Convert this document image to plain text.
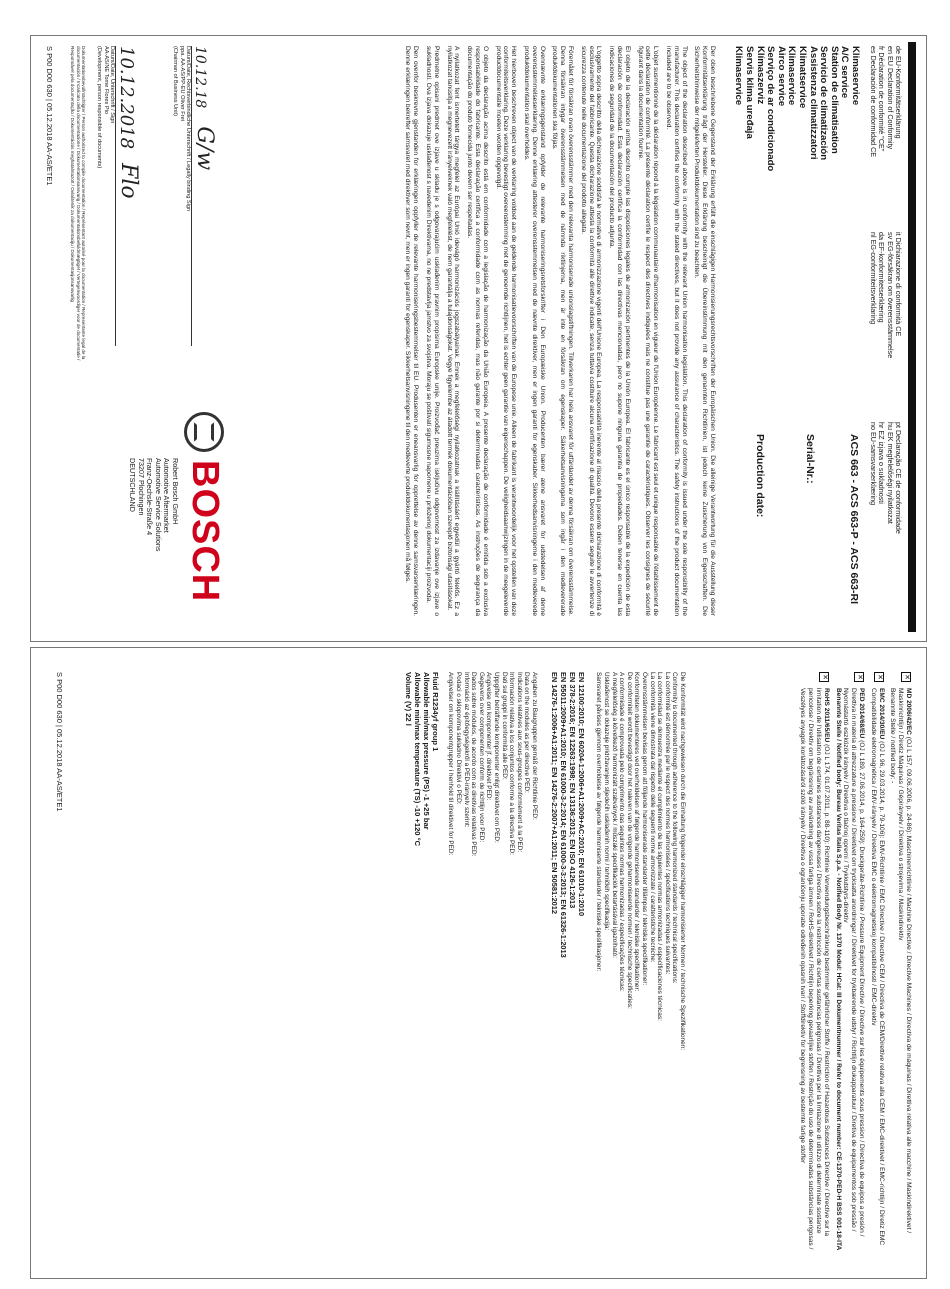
de EU-Konformitätserklärung
en EU Declaration of Conformity
fr Déclaration de conformité "CE"
es Declaración de conformidad CE
it Dichiarazione di conformità CE
sv EG-försäkran om överensstämmelse
da EF-konformitetserklæring
nl EG-conformiteitsverklaring
pt Declaração CE de conformidade
hu EK megfelelőségi nyilatkozat
hr EZ izjava o sukladnosti
no EU-samsvarserklæring
Klimaservice
A/C service
Station de climatisation
Servicio de climatización
Assistenza climatizzatori
Klimatservice
Klimaservice
Airco service
Serviço de ar condicionado
Klímaszerviz
Servis klima uređaja
Klimaservice
ACS 663 - ACS 663-P - ACS 663-RI
Serial-Nr.:
Production date:

Der oben beschriebene Gegenstand der Erklärung erfüllt die einschlägigen Harmonisierungsrechtsvorschriften der Europäischen Union. Die alleinige Verantwortung für die Ausstellung dieser Konformitätserklärung trägt der Hersteller. Diese Erklärung bescheinigt die Übereinstimmung mit den genannten Richtlinien, ist jedoch keine Zusicherung von Eigenschaften. Die Sicherheitshinweise der mitgelieferten Produktdokumentation sind zu beachten.

The object of the declaration described above is in conformity with the relevant Union harmonisation legislation. This declaration of conformity is issued under the sole responsibility of the manufacturer. This declaration certifies the conformity with the stated directives, but it does not provide any assurance of characteristics. The safety instructions of the product documentation included are to be observed.

L'objet susmentionné de la déclaration répond à la législation communautaire d'harmonisation en vigueur de l'Union Européenne. Le fabricant est seul et unique responsable de l'établissement de cette déclaration de conformité. La présente déclaration certifie le respect des directives indiquées mais ne constitue pas une garantie de caractéristiques. Observer les consignes de sécurité figurant dans la documentation fournie.

El objeto de la declaración arriba descrito cumple las disposiciones legales de armonización pertinentes de la Unión Europea. El fabricante es el único responsable de la expedición de esta declaración de conformidad. Esta declaración certifica la conformidad con las directivas mencionadas, pero no supone ninguna garantía de propiedades. Deben tenerse en cuenta las indicaciones de seguridad de la documentación del producto adjunta.

L'oggetto sopra descritto della dichiarazione soddisfa le normative di armonizzazione vigenti dell'Unione Europea. La responsabilità inerente al rilascio della presente dichiarazione di conformità è esclusivamente del fabbricante. Questa dichiarazione attesta la conformità alle direttive indicate, senza tuttavia costituire alcuna certificazione di qualità. Devono essere seguite le avvertenze di sicurezza contenute nelle documentazione del prodotto allegata.

Föremålet för försäkran ovan överensstämmer med den relevanta harmoniserade unionslagstiftningen. Tillverkaren har hela ansvaret för utfärdandet av denna försäkran om överensstämmelse. Denna försäkran intygar överensstämmelsen med de nämnda riktlinjerna, men är inte en försäkran om egenskaper. Säkerhetsanvisningarna som ingår i den medlevererade produktdokumentationen ska följas.

Ovennævnte erklæringsgenstand opfylder de relevante harmoniseringsretsforskrifter i Den Europæiske Union. Producenten bærer alene ansvaret for udstedelsen af denne overensstemmelseserklæring. Denne erklæring attesterer overensstemmelsen med de nævnte direktiver, men er ingen garanti for egenskaber. Sikkerhedsanvisningerne i den medleverede produktdokumentation skal overholdes.

Het hierboven beschreven object van de verklaring voldoet aan de geldende harmonisatievoorschriften van de Europese unie. Alleen de fabrikant is verantwoordelijk voor het opstellen van deze conformiteitsverklaring. Deze verklaring bevestigt overeenstemming met de genoemde richtlijnen, het is echter geen garantie van eigenschappen. De veiligheidsaanwijzingen in de meegeleverde productdocumentatie moeten worden opgevolgd.

O objeto da declaração acima descrito está em conformidade com a legislação de harmonização da União Europeia. A presente declaração de conformidade é emitida sob a exclusiva responsabilidade do fabricante. Esta declaração certifica a conformidade com as normas referidas, mas não garante por si determinadas características. As instruções de segurança da documentação do produto fornecida junto devem ser respeitadas.

A nyilatkozat fent ismertetett tárgya megfelel az Európai Unió idevágó harmonizációs jogszabályainak. Ennek a megfelelőségi nyilatkozatnak a kiállításáért egyedül a gyártó felelős. Ez a nyilatkozat tanúsítja a megnevezett irányelveknek való megfelelést, de nem garantálja a tulajdonságokat. Vegye figyelembe az átadott termék dokumentációban szereplő biztonsági utasításokat.

Predmetne opisani predmet ove izjave u skladu je s odgovarajućim usklađenim pravnim propisima Europske unije. Proizvođač preuzima isključivu odgovornost za izdavanje ove izjave o sukladnosti. Ova izjava dokazuje usklađenost s navedenim Direktivama, no ne predstavlja jamstvo za svojstva. Moraju se poštivati sigurnosne napomene u priloženoj dokumentaciji proizvoda.

Den ovenfor beskrevne gjenstanden for erklæringen oppfyller de relevante harmoniseringsbestemmelser til EU. Produsenten er eneansvarlig for opprettelse av denne samsvarserklæringen. Denne erklæringen bekrefter samsvaret med direktiver som nevnt, men er ingen garanti for egenskaper. Sikkerhetsanvisningene til den medleverte produktdokumentasjonen må følges.

10.12.18
G/w
Datum/Date, Rechtsverbindliche Unterschrift / Legally binding Sign
ppa. AA-AS/PP-EU Oliver Frei
(Chairman of Business Unit)
10.12.2018
Flo
Datum/Date, Unterschrift / Sign
AA-AS/NE Tome Flores Pio
(Development, person responsible of documents)
Dokumentationsbevollmächtigter / Person authorized to compile documentation / Représentant autorisé pour la documentation / Representante legal de la documentación / Incaricato della documentazione / Dokumentationsansvarig / Dokumentationsbefuldmægtiget / Vertegenwoordiger voor de documentatie / Responsável pela documentação / Dokumentációs meghatalmazott / Ovlaštenik za dokumentaciju / Dokumentasjonsansvarlig
BOSCH
Robert Bosch GmbH
Automotive Aftermarket
Automotive Service Solutions
Franz-Oechsle-Straße 4
73207 Plochingen
DEUTSCHLAND
S P00 D00 630 | 05.12.2018 AA-AS/ETE1
✕
MD 2006/42/EC (OJ L 157, 09.06.2006, p. 24-86): Maschinenrichtlinie / Machine Directive / Directive Machines / Directiva de máquinas / Direttiva relativa alle macchine / Maskindirektivet / Maskinrichtlijn / Diretiz Máquinas / Gépirányelv / Direktiva o strojevima / Maskindirektiv
Benannte Stelle / notified body: -
✕
EMC 2014/30/EU (OJ L 96, 29.03.2014, p. 79-106): EMV-Richtlinie / EMC Directive / Directive CEM / Directiva de CEM/Direttive relativa alla CEM / EMC-direktivet / EMC-richtlijn / Diretiz EMC Compatibilidade eletromagnética / EMV-irányelv / Direktiva EMC o elektromagnetskoj kompatibilnosti / EMC-direktiv
✕
PED 2014/68/EU (OJ L 189, 27.06.2014, p. 164-259): Druckgeräte-Richtlinie / Pressure Equipment Directive / Directive sur les équipements sous pression / Directiva de equipos a presión / Direttiva in materia di attrezzature a pressione / Direktivet om trycksatta anordningar / Direktivet for trykbærende udstyr / Richtlijn drukapparatuur / Diretiva de equipamentos sob pressão / Nyomástartó eszközök irányelv / Direktiva o tlačnoj opremi / Trykkutstyrs-direktiv
Benannte Stelle / Notified body: Bureau Veritas Italia S.p.a. - Notified Body Nr. 1370 Modul: HCat: III Dokumentnummer / Refer to document number: CE-1370-PED-H BSS 001-18-ITA
✕
RoHS 2011/65/EU (OJ L 174, 01.07.2011, p. 88-110): Richtlinie Verwendungsbeschränkung bestimmter gefährlicher Stoffe / Restriction of Hazardous Substances Directive / Directive sur la limitation de l'utilisation de certaines substances dangereuses / Directiva sobre la restricción de ciertas sustancias peligrosas / Direttiva per la limitazione di utilizzo di determinate sostanze pericolose / Direktiv om begränsning av användning av vissa farliga ämnen / RoHS-direktivet / Richtlijn beperking gevaarlijke stoffen / Restrição do uso de determinadas substâncias perigosas / Veszélyes anyagok korlátozásáról szóló irányelv / Direktiva o ograničenju uporabe određenih opasnih tvari / Stoffdirektiv for begrensning av bestemte farlige stoffer
Die Konformität wird nachgewiesen durch die Einhaltung folgender einschlägiger harmonisierter Normen / technische Spezifikationen:
Conformity is documented through adherence to the following harmonized standards / technical specifications:
La conformité est démontrée par le respect des normes harmonisées / spécifications techniques suivantes:
La conformidad se demuestra mediante el cumplimiento de las siguientes normas armonizadas / especificaciones técnicas:
La conformità viene dimostrata dal rispetto delle seguenti norme armonizzate / caratteristiche tecniche:
Överensstämmelsen bevisas genom att följande harmoniserade standarder tillämpas / tekniska specifikationer:
Konformiteten dokumenteres ved overholdelsen af følgende harmoniserede standarder / tekniske specifikationer:
De conformiteit wordt bevestigd door het naleven van de volgende geharmoniseerde normen / technische specificaties:
A conformidade é comprovada pelo cumprimento das seguintes normas harmonizadas / especificações técnicas:
A megfelelőség a következő harmonizált szabványok / műszaki specifikációk betartásával igazolható:
Usklađenost se dokazuje pridržavanjem sljedećih usklađenih normi / tehničkih specifikacija:
Samsvaret påvises gjennom overholdelse av følgende harmoniserte standarder / tekniske spesifikasjoner:
EN 12100:2010; EN 60204-1:2006+A1:2009+AC:2010; EN 61010-1:2010
EN 378-2:2016; EN 12263:1998; EN 13136:2013; EN ISO 4126-1:2013
EN 55011:2009+A1:2010; EN 61000-3-2:2014; EN 61000-3-3:2013; EN 61326-1:2013
EN 14276-1:2006+A1:2011; EN 14276-2:2007+A1:2011; EN 50581:2012
Angaben zu Baugruppen gemäß der Richtlinie PED:
Data on the modules as per directive PED:
Indications relatives aux sous-groupes conformément à la PED:
Información relativa a los conjuntos conforme a la directiva PED:
Dati sui gruppi in conformità alle PED:
Uppgifter beträffande komponenter enligt direktivet om PED:
Angivelse om komponenter jf. direktivet PED:
Gegevens over componenten conform de richtlijn voor PED:
Dados sobre módulos, de acordo com as diretivas relativas PED:
Információ az építőegységekről a PED-irányelv szerint:
Podaci o sklopovima sukladno Direktivi o PED:
Angivelser om komponentgrupper i henhold til direktivet for PED:
Fluid R1234yf group 1
Allowable min/max pressure (PS) -1 +25 bar
Allowable min/max temperature (TS) -10 +120 °C
Volume (V) 22 l
S P00 D00 630 | 05.12.2018 AA-AS/ETE1
